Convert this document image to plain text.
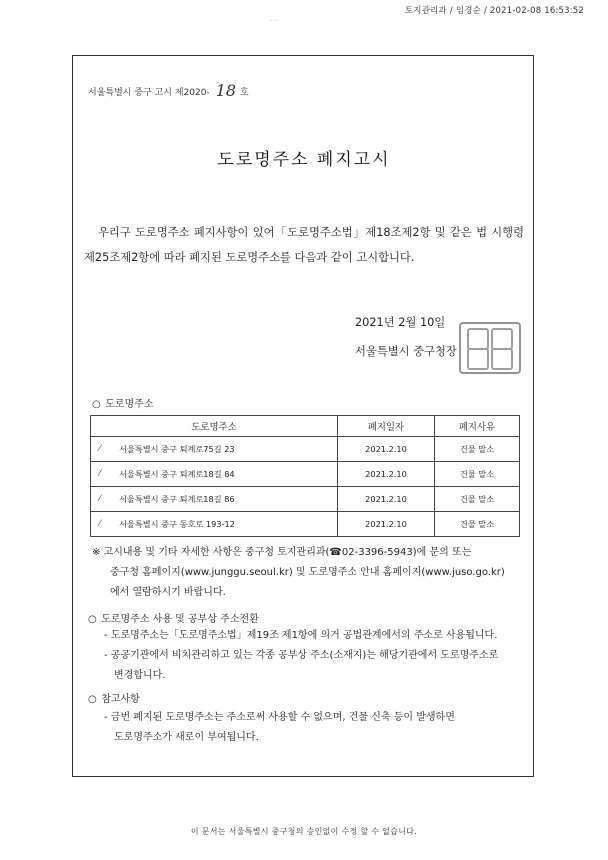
토지관리과 / 임경순 / 2021-02-08 16:53:52
· ·
서울특별시 중구 고시 제2020- 18 호
도로명주소 폐지고시

우리구 도로명주소 폐지사항이 있어「도로명주소법」제18조제2항 및 같은 법 시행령 제25조제2항에 따라 폐지된 도로명주소를 다음과 같이 고시합니다.

2021년 2월 10일
서울특별시 중구청장
○ 도로명주소
도로명주소	폐지일자	폐지사유

⁄ 서울특별시 중구 퇴계로75길 23	2021.2.10	건물 말소

⁄ 서울특별시 중구 퇴계로18길 84	2021.2.10	건물 말소

⁄ 서울특별시 중구 퇴계로18길 86	2021.2.10	건물 말소

⁄ 서울특별시 중구 동호로 193-12	2021.2.10	건물 말소
※ 고시내용 및 기타 자세한 사항은 중구청 토지관리과(☎02-3396-5943)에 문의 또는
중구청 홈페이지(www.junggu.seoul.kr) 및 도로명주소 안내 홈페이지(www.juso.go.kr)
에서 열람하시기 바랍니다.
○ 도로명주소 사용 및 공부상 주소전환
- 도로명주소는「도로명주소법」제19조 제1항에 의거 공법관계에서의 주소로 사용됩니다.
- 공공기관에서 비치관리하고 있는 각종 공부상 주소(소재지)는 해당기관에서 도로명주소로
변경합니다.
○ 참고사항
- 금번 폐지된 도로명주소는 주소로써 사용할 수 없으며, 건물 신축 등이 발생하면
도로명주소가 새로이 부여됩니다.
이 문서는 서울특별시 중구청의 승인없이 수정 할 수 없습니다.
